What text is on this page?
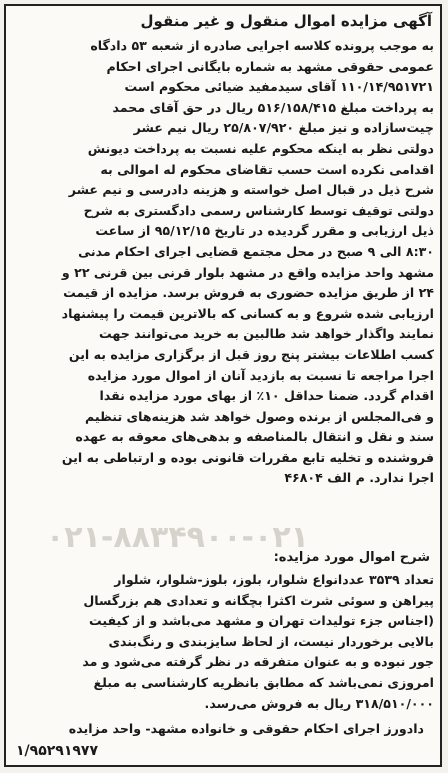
آگهی مزایده اموال منقول و غیر منقول
به موجب پرونده کلاسه اجرایی صادره از شعبه ۵۳ دادگاه
عمومی حقوقی مشهد به شماره بایگانی اجرای احکام
۱۱۰/۱۴/۹۵۱۷۲۱ آقای سیدمفید ضیائی محکوم است
به پرداخت مبلغ ۵۱۶/۱۵۸/۴۱۵ ریال در حق آقای محمد
چیت‌سازاده و نیز مبلغ ۲۵/۸۰۷/۹۲۰ ریال نیم عشر
دولتی نظر به اینکه محکوم علیه نسبت به پرداخت دیونش
اقدامی نکرده است حسب تقاضای محکوم له اموالی به
شرح ذیل در قبال اصل خواسته و هزینه دادرسی و نیم عشر
دولتی توقیف توسط کارشناس رسمی دادگستری به شرح
ذیل ارزیابی و مقرر گردیده در تاریخ ۹۵/۱۲/۱۵ از ساعت
۸:۳۰ الی ۹ صبح در محل مجتمع قضایی اجرای احکام مدنی
مشهد واحد مزایده واقع در مشهد بلوار قرنی بین قرنی ۲۲ و
۲۴ از طریق مزایده حضوری به فروش برسد. مزایده از قیمت
ارزیابی شده شروع و به کسانی که بالاترین قیمت را پیشنهاد
نمایند واگذار خواهد شد طالبین به خرید می‌توانند جهت
کسب اطلاعات بیشتر پنج روز قبل از برگزاری مزایده به این
اجرا مراجعه تا نسبت به بازدید آنان از اموال مورد مزایده
اقدام گردد. ضمنا حداقل ۱۰٪ از بهای مورد مزایده نقدا
و فی‌المجلس از برنده وصول خواهد شد هزینه‌های تنظیم
سند و نقل و انتقال بالمناصفه و بدهی‌های معوقه به عهده
فروشنده و تخلیه تابع مقررات قانونی بوده و ارتباطی به این
اجرا ندارد. م الف ۴۶۸۰۴
۰۲۱-۸۸۳۴۹۰۰-۰۲۱
شرح اموال مورد مزایده:
تعداد ۳۵۳۹ عددانواع شلوار، بلوز، بلوز-شلوار، شلوار
پیراهن و سوئی شرت اکثرا بچگانه و تعدادی هم بزرگسال
(اجناس جزء تولیدات تهران و مشهد می‌باشد و از کیفیت
بالایی برخوردار نیست، از لحاظ سایزبندی و رنگ‌بندی
جور نبوده و به عنوان متفرقه در نظر گرفته می‌شود و مد
امروزی نمی‌باشد که مطابق بانظریه کارشناسی به مبلغ
۳۱۸/۵۱۰/۰۰۰ ریال به فروش می‌رسد.
دادورز اجرای احکام حقوقی و خانواده مشهد- واحد مزایده
۱/۹۵۲۹۱۹۷۷
